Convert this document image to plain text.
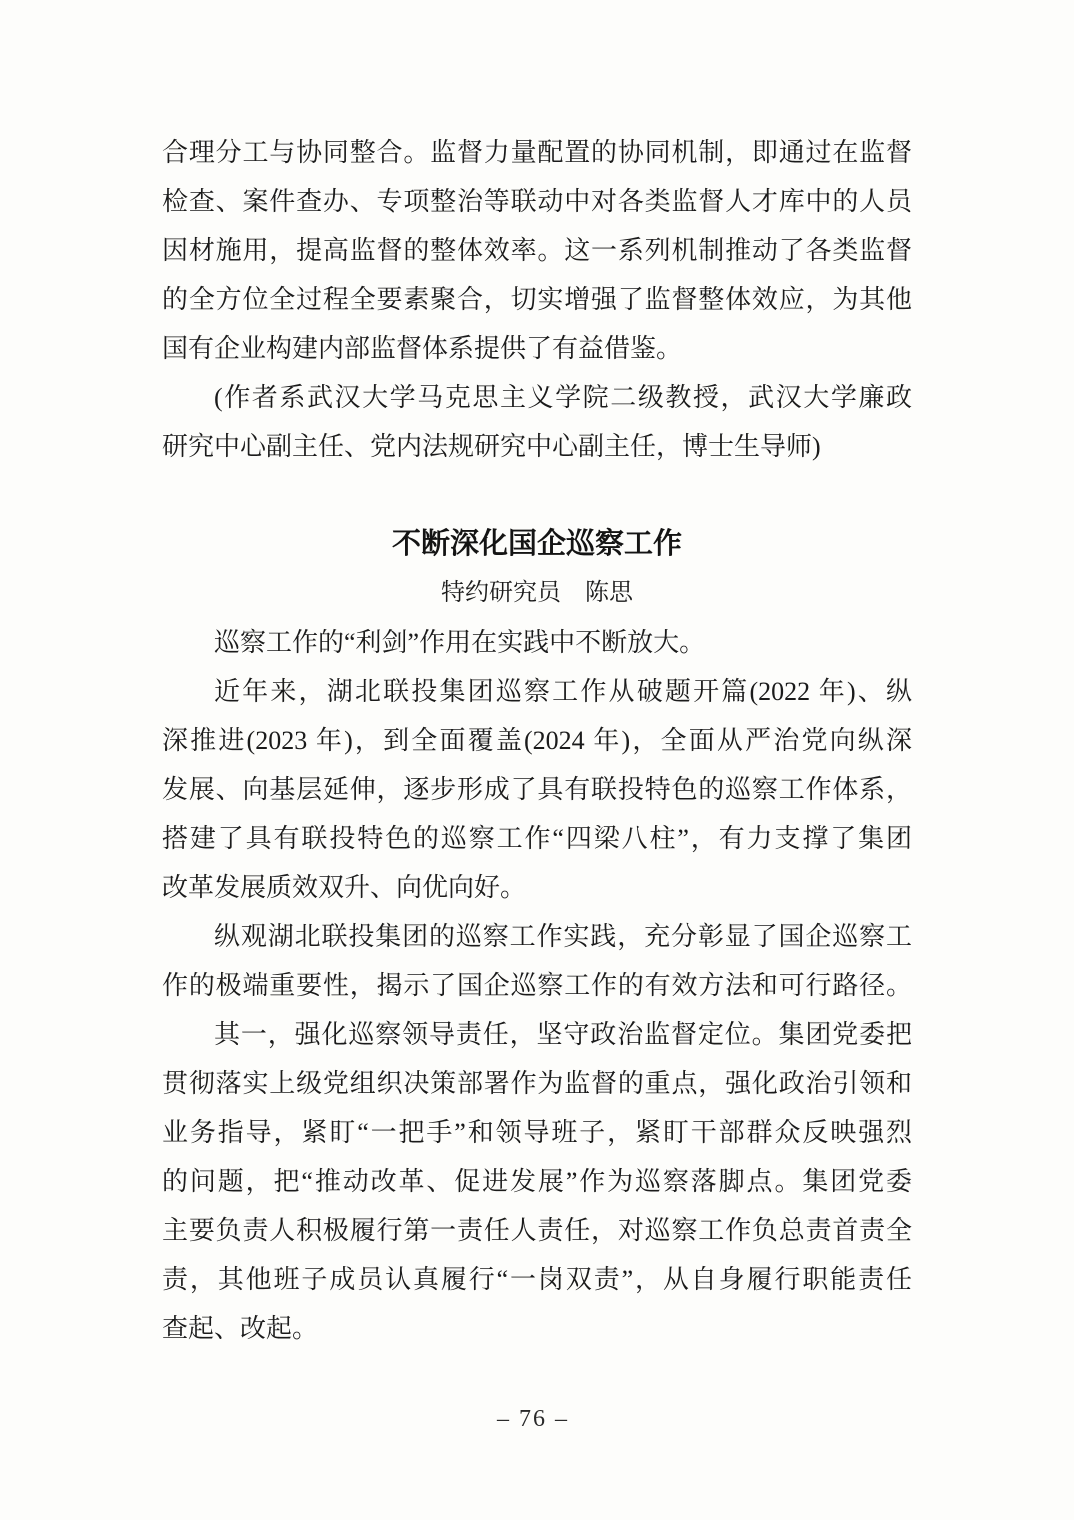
合理分工与协同整合。监督力量配置的协同机制，即通过在监督
检查、案件查办、专项整治等联动中对各类监督人才库中的人员
因材施用，提高监督的整体效率。这一系列机制推动了各类监督
的全方位全过程全要素聚合，切实增强了监督整体效应，为其他
国有企业构建内部监督体系提供了有益借鉴。
(作者系武汉大学马克思主义学院二级教授，武汉大学廉政
研究中心副主任、党内法规研究中心副主任，博士生导师)
不断深化国企巡察工作
特约研究员　陈思
巡察工作的“利剑”作用在实践中不断放大。
近年来，湖北联投集团巡察工作从破题开篇(2022 年)、纵
深推进(2023 年)，到全面覆盖(2024 年)，全面从严治党向纵深
发展、向基层延伸，逐步形成了具有联投特色的巡察工作体系，
搭建了具有联投特色的巡察工作“四梁八柱”，有力支撑了集团
改革发展质效双升、向优向好。
纵观湖北联投集团的巡察工作实践，充分彰显了国企巡察工
作的极端重要性，揭示了国企巡察工作的有效方法和可行路径。
其一，强化巡察领导责任，坚守政治监督定位。集团党委把
贯彻落实上级党组织决策部署作为监督的重点，强化政治引领和
业务指导，紧盯“一把手”和领导班子，紧盯干部群众反映强烈
的问题，把“推动改革、促进发展”作为巡察落脚点。集团党委
主要负责人积极履行第一责任人责任，对巡察工作负总责首责全
责，其他班子成员认真履行“一岗双责”，从自身履行职能责任
查起、改起。
– 76 –
